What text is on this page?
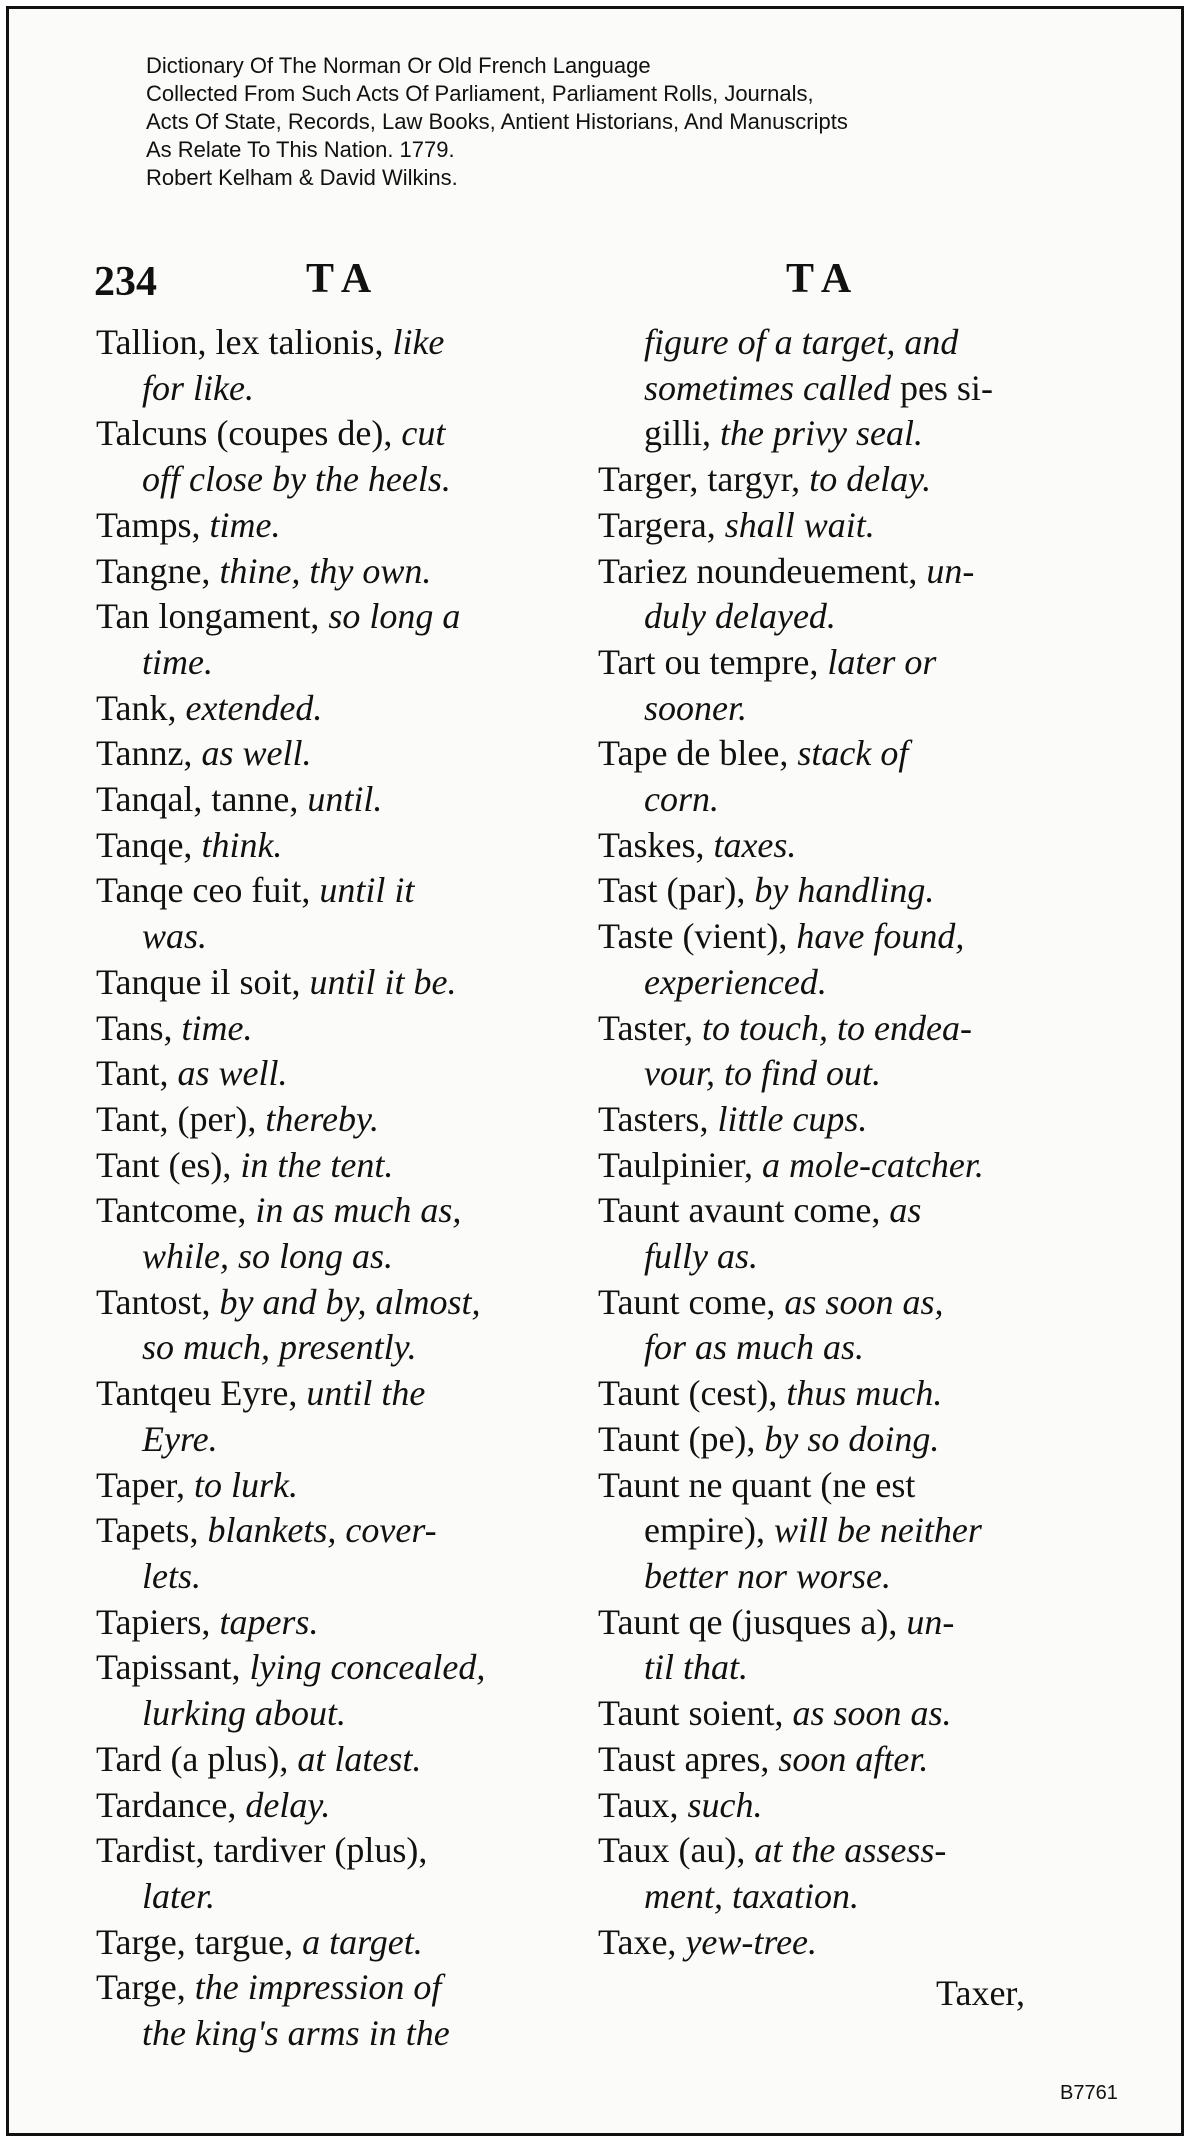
Dictionary Of The Norman Or Old French Language
Collected From Such Acts Of Parliament, Parliament Rolls, Journals,
Acts Of State, Records, Law Books, Antient Historians, And Manuscripts
As Relate To This Nation. 1779.
Robert Kelham & David Wilkins.
234	TA	TA
Tallion, lex talionis, like
for like.
Talcuns (coupes de), cut
off close by the heels.
Tamps, time.
Tangne, thine, thy own.
Tan longament, so long a
time.
Tank, extended.
Tannz, as well.
Tanqal, tanne, until.
Tanqe, think.
Tanqe ceo fuit, until it
was.
Tanque il soit, until it be.
Tans, time.
Tant, as well.
Tant, (per), thereby.
Tant (es), in the tent.
Tantcome, in as much as,
while, so long as.
Tantost, by and by, almost,
so much, presently.
Tantqeu Eyre, until the
Eyre.
Taper, to lurk.
Tapets, blankets, cover-
lets.
Tapiers, tapers.
Tapissant, lying concealed,
lurking about.
Tard (a plus), at latest.
Tardance, delay.
Tardist, tardiver (plus),
later.
Targe, targue, a target.
Targe, the impression of
the king's arms in the
figure of a target, and
sometimes called pes si-
gilli, the privy seal.
Targer, targyr, to delay.
Targera, shall wait.
Tariez noundeuement, un-
duly delayed.
Tart ou tempre, later or
sooner.
Tape de blee, stack of
corn.
Taskes, taxes.
Tast (par), by handling.
Taste (vient), have found,
experienced.
Taster, to touch, to endea-
vour, to find out.
Tasters, little cups.
Taulpinier, a mole-catcher.
Taunt avaunt come, as
fully as.
Taunt come, as soon as,
for as much as.
Taunt (cest), thus much.
Taunt (pe), by so doing.
Taunt ne quant (ne est
empire), will be neither
better nor worse.
Taunt qe (jusques a), un-
til that.
Taunt soient, as soon as.
Taust apres, soon after.
Taux, such.
Taux (au), at the assess-
ment, taxation.
Taxe, yew-tree.
Taxer,
B7761
